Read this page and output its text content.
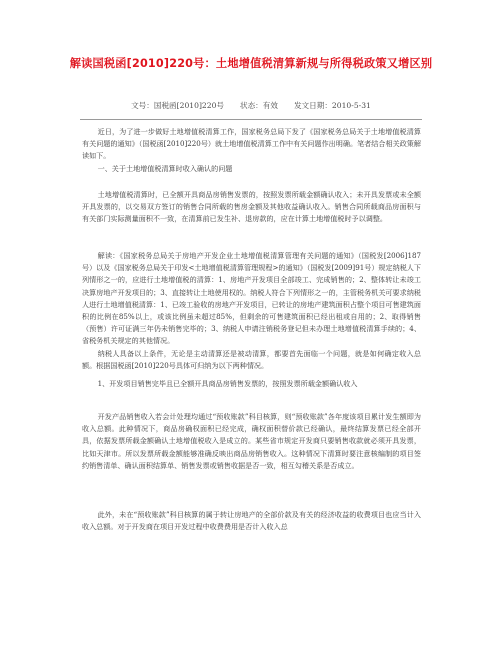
解读国税函[2010]220号：土地增值税清算新规与所得税政策又增区别
文号：国税函[2010]220号 状态：有效 发文日期：2010-5-31

近日，为了进一步做好土地增值税清算工作，国家税务总局下发了《国家税务总局关于土地增值税清算有关问题的通知》（国税函[2010]220号）就土地增值税清算工作中有关问题作出明确。笔者结合相关政策解读如下。

一、关于土地增值税清算时收入确认的问题

土地增值税清算时，已全额开具商品房销售发票的，按照发票所载金额确认收入；未开具发票或未全额开具发票的，以交易双方签订的销售合同所载的售房金额及其他收益确认收入。销售合同所载商品房面积与有关部门实际测量面积不一致，在清算前已发生补、退房款的，应在计算土地增值税时予以调整。

解读：《国家税务总局关于房地产开发企业土地增值税清算管理有关问题的通知》（国税发[2006]187号）以及《国家税务总局关于印发<土地增值税清算管理规程>的通知》（国税发[2009]91号）规定纳税人下列情形之一的，应进行土地增值税的清算：1、房地产开发项目全部竣工、完成销售的；2、整体转让未竣工决算房地产开发项目的；3、直接转让土地使用权的。纳税人符合下列情形之一的，主管税务机关可要求纳税人进行土地增值税清算：1、已竣工验收的房地产开发项目，已转让的房地产建筑面积占整个项目可售建筑面积的比例在85%以上，或该比例虽未超过85%，但剩余的可售建筑面积已经出租或自用的；2、取得销售（预售）许可证满三年仍未销售完毕的；3、纳税人申请注销税务登记但未办理土地增值税清算手续的；4、省税务机关规定的其他情况。

纳税人具备以上条件，无论是主动清算还是被动清算，都要首先面临一个问题，就是如何确定收入总额。根据国税函[2010]220号具体可归纳为以下两种情况。

1、开发项目销售完毕且已全额开具商品房销售发票的，按照发票所载金额确认收入

开发产品销售收入若会计处理均通过“预收账款”科目核算，则“预收账款”各年度该项目累计发生额即为收入总额。此种情况下，商品房确权面积已经完成，确权面积替价款已经确认，最终结算发票已经全部开具，依据发票所载金额确认土地增值税收入是成立的。某些省市规定开发商只要销售收款就必须开具发票，比如天津市。所以发票所载金额能够准确反映出商品房销售收入。这种情况下清算时要注意核编制的项目签约销售清单、确认面积结算单、销售发票或销售收据是否一致，相互勾稽关系是否成立。

此外，未在“预收账款”科目核算的属于转让房地产的全部价款及有关的经济收益的收费项目也应当计入收入总额。对于开发商在项目开发过程中收费费用是否计入收入总
